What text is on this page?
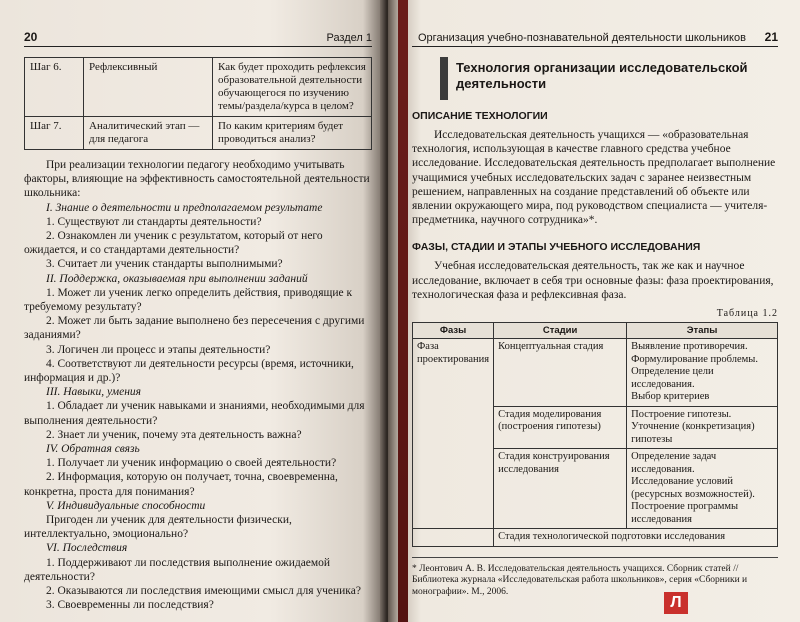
20	Раздел 1
Шаг 6.	Рефлексивный	Как будет проходить рефлексия образовательной деятельности обучающегося по изучению темы/раздела/курса в целом?
Шаг 7.	Аналитический этап — для педагога	По каким критериям будет проводиться анализ?

При реализации технологии педагогу необходимо учитывать факторы, влияющие на эффективность самостоятельной деятельности школьника:

I. Знание о деятельности и предполагаемом результате

1. Существуют ли стандарты деятельности?

2. Ознакомлен ли ученик с результатом, который от него ожидается, и со стандартами деятельности?

3. Считает ли ученик стандарты выполнимыми?

II. Поддержка, оказываемая при выполнении заданий

1. Может ли ученик легко определить действия, приводящие к требуемому результату?

2. Может ли быть задание выполнено без пересечения с другими заданиями?

3. Логичен ли процесс и этапы деятельности?

4. Соответствуют ли деятельности ресурсы (время, источники, информация и др.)?

III. Навыки, умения

1. Обладает ли ученик навыками и знаниями, необходимыми для выполнения деятельности?

2. Знает ли ученик, почему эта деятельность важна?

IV. Обратная связь

1. Получает ли ученик информацию о своей деятельности?

2. Информация, которую он получает, точна, своевременна, конкретна, проста для понимания?

V. Индивидуальные способности

Пригоден ли ученик для деятельности физически, интеллектуально, эмоционально?

VI. Последствия

1. Поддерживают ли последствия выполнение ожидаемой деятельности?

2. Оказываются ли последствия имеющими смысл для ученика?

3. Своевременны ли последствия?

Организация учебно-познавательной деятельности школьников 21
Технология организации исследовательской деятельности
ОПИСАНИЕ ТЕХНОЛОГИИ

Исследовательская деятельность учащихся — «образовательная технология, использующая в качестве главного средства учебное исследование. Исследовательская деятельность предполагает выполнение учащимися учебных исследовательских задач с заранее неизвестным решением, направленных на создание представлений об объекте или явлении окружающего мира, под руководством специалиста — учителя-предметника, научного сотрудника»*.

ФАЗЫ, СТАДИИ И ЭТАПЫ УЧЕБНОГО ИССЛЕДОВАНИЯ

Учебная исследовательская деятельность, так же как и научное исследование, включает в себя три основные фазы: фаза проектирования, технологическая фаза и рефлексивная фаза.

Таблица 1.2
Фазы	Стадии	Этапы
Фаза проектирования	Концептуальная стадия	Выявление противоречия.
Формулирование проблемы.
Определение цели исследования.
Выбор критериев

	Стадия моделирования (построения гипотезы)	Построение гипотезы.
Уточнение (конкретизация) гипотезы

	Стадия конструирования исследования	Определение задач исследования.
Исследование условий (ресурсных возможностей).
Построение программы исследования

	Стадия технологической подготовки исследования	
* Леонтович А. В. Исследовательская деятельность учащихся. Сборник статей // Библиотека журнала «Исследовательская работа школьников», серия «Сборники и монографии». М., 2006.
Л
